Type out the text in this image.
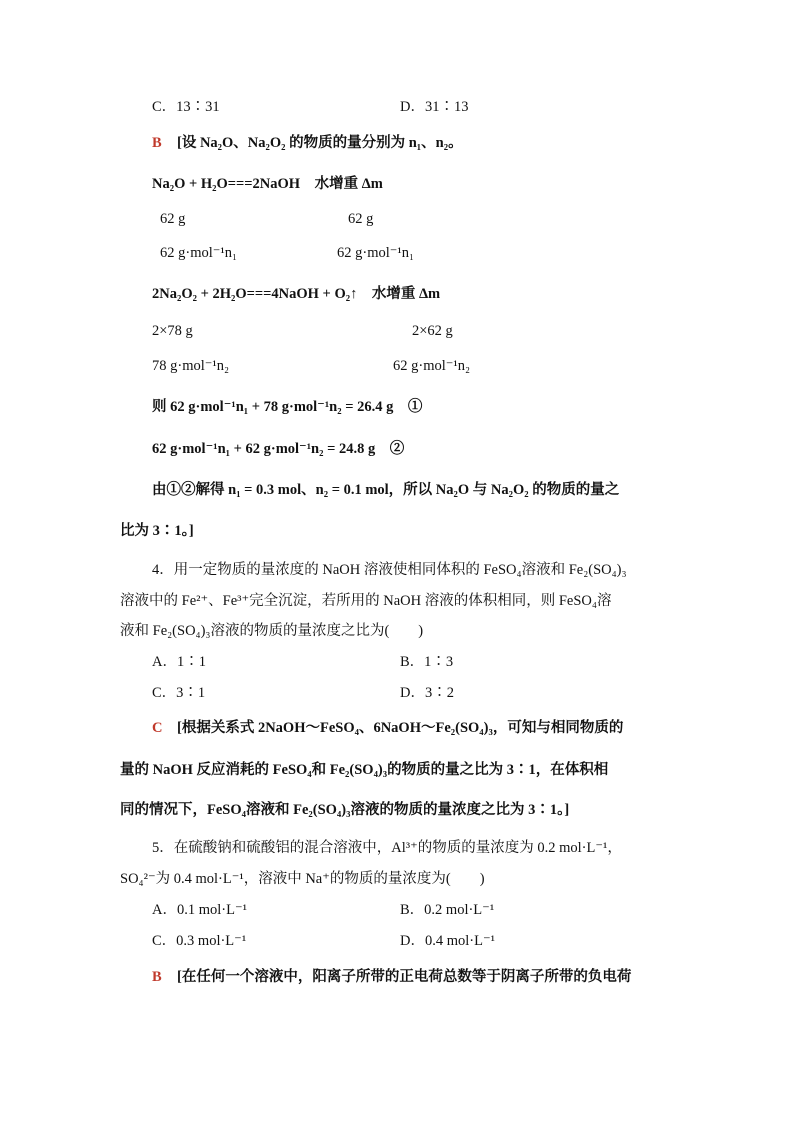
C．13∶31	D．31∶13
B [设 Na₂O、Na₂O₂ 的物质的量分别为 n₁、n₂。
Na₂O + H₂O===2NaOH　水增重 Δm
62 g	62 g
62 g·mol⁻¹n₁	62 g·mol⁻¹n₁
2Na₂O₂ + 2H₂O===4NaOH + O₂↑　水增重 Δm
2×78 g	2×62 g
78 g·mol⁻¹n₂	62 g·mol⁻¹n₂
则 62 g·mol⁻¹n₁ + 78 g·mol⁻¹n₂ = 26.4 g　①
62 g·mol⁻¹n₁ + 62 g·mol⁻¹n₂ = 24.8 g　②
由①②解得 n₁ = 0.3 mol、n₂ = 0.1 mol，所以 Na₂O 与 Na₂O₂ 的物质的量之
比为 3∶1。]
4．用一定物质的量浓度的 NaOH 溶液使相同体积的 FeSO₄溶液和 Fe₂(SO₄)₃
溶液中的 Fe²⁺、Fe³⁺完全沉淀，若所用的 NaOH 溶液的体积相同，则 FeSO₄溶
液和 Fe₂(SO₄)₃溶液的物质的量浓度之比为(　　)
A．1∶1	B．1∶3
C．3∶1	D．3∶2
C [根据关系式 2NaOH～FeSO₄、6NaOH～Fe₂(SO₄)₃，可知与相同物质的
量的 NaOH 反应消耗的 FeSO₄和 Fe₂(SO₄)₃的物质的量之比为 3∶1，在体积相
同的情况下，FeSO₄溶液和 Fe₂(SO₄)₃溶液的物质的量浓度之比为 3∶1。]
5．在硫酸钠和硫酸铝的混合溶液中，Al³⁺的物质的量浓度为 0.2 mol·L⁻¹，
SO₄²⁻为 0.4 mol·L⁻¹，溶液中 Na⁺的物质的量浓度为(　　)
A．0.1 mol·L⁻¹	B．0.2 mol·L⁻¹
C．0.3 mol·L⁻¹	D．0.4 mol·L⁻¹
B [在任何一个溶液中，阳离子所带的正电荷总数等于阴离子所带的负电荷
